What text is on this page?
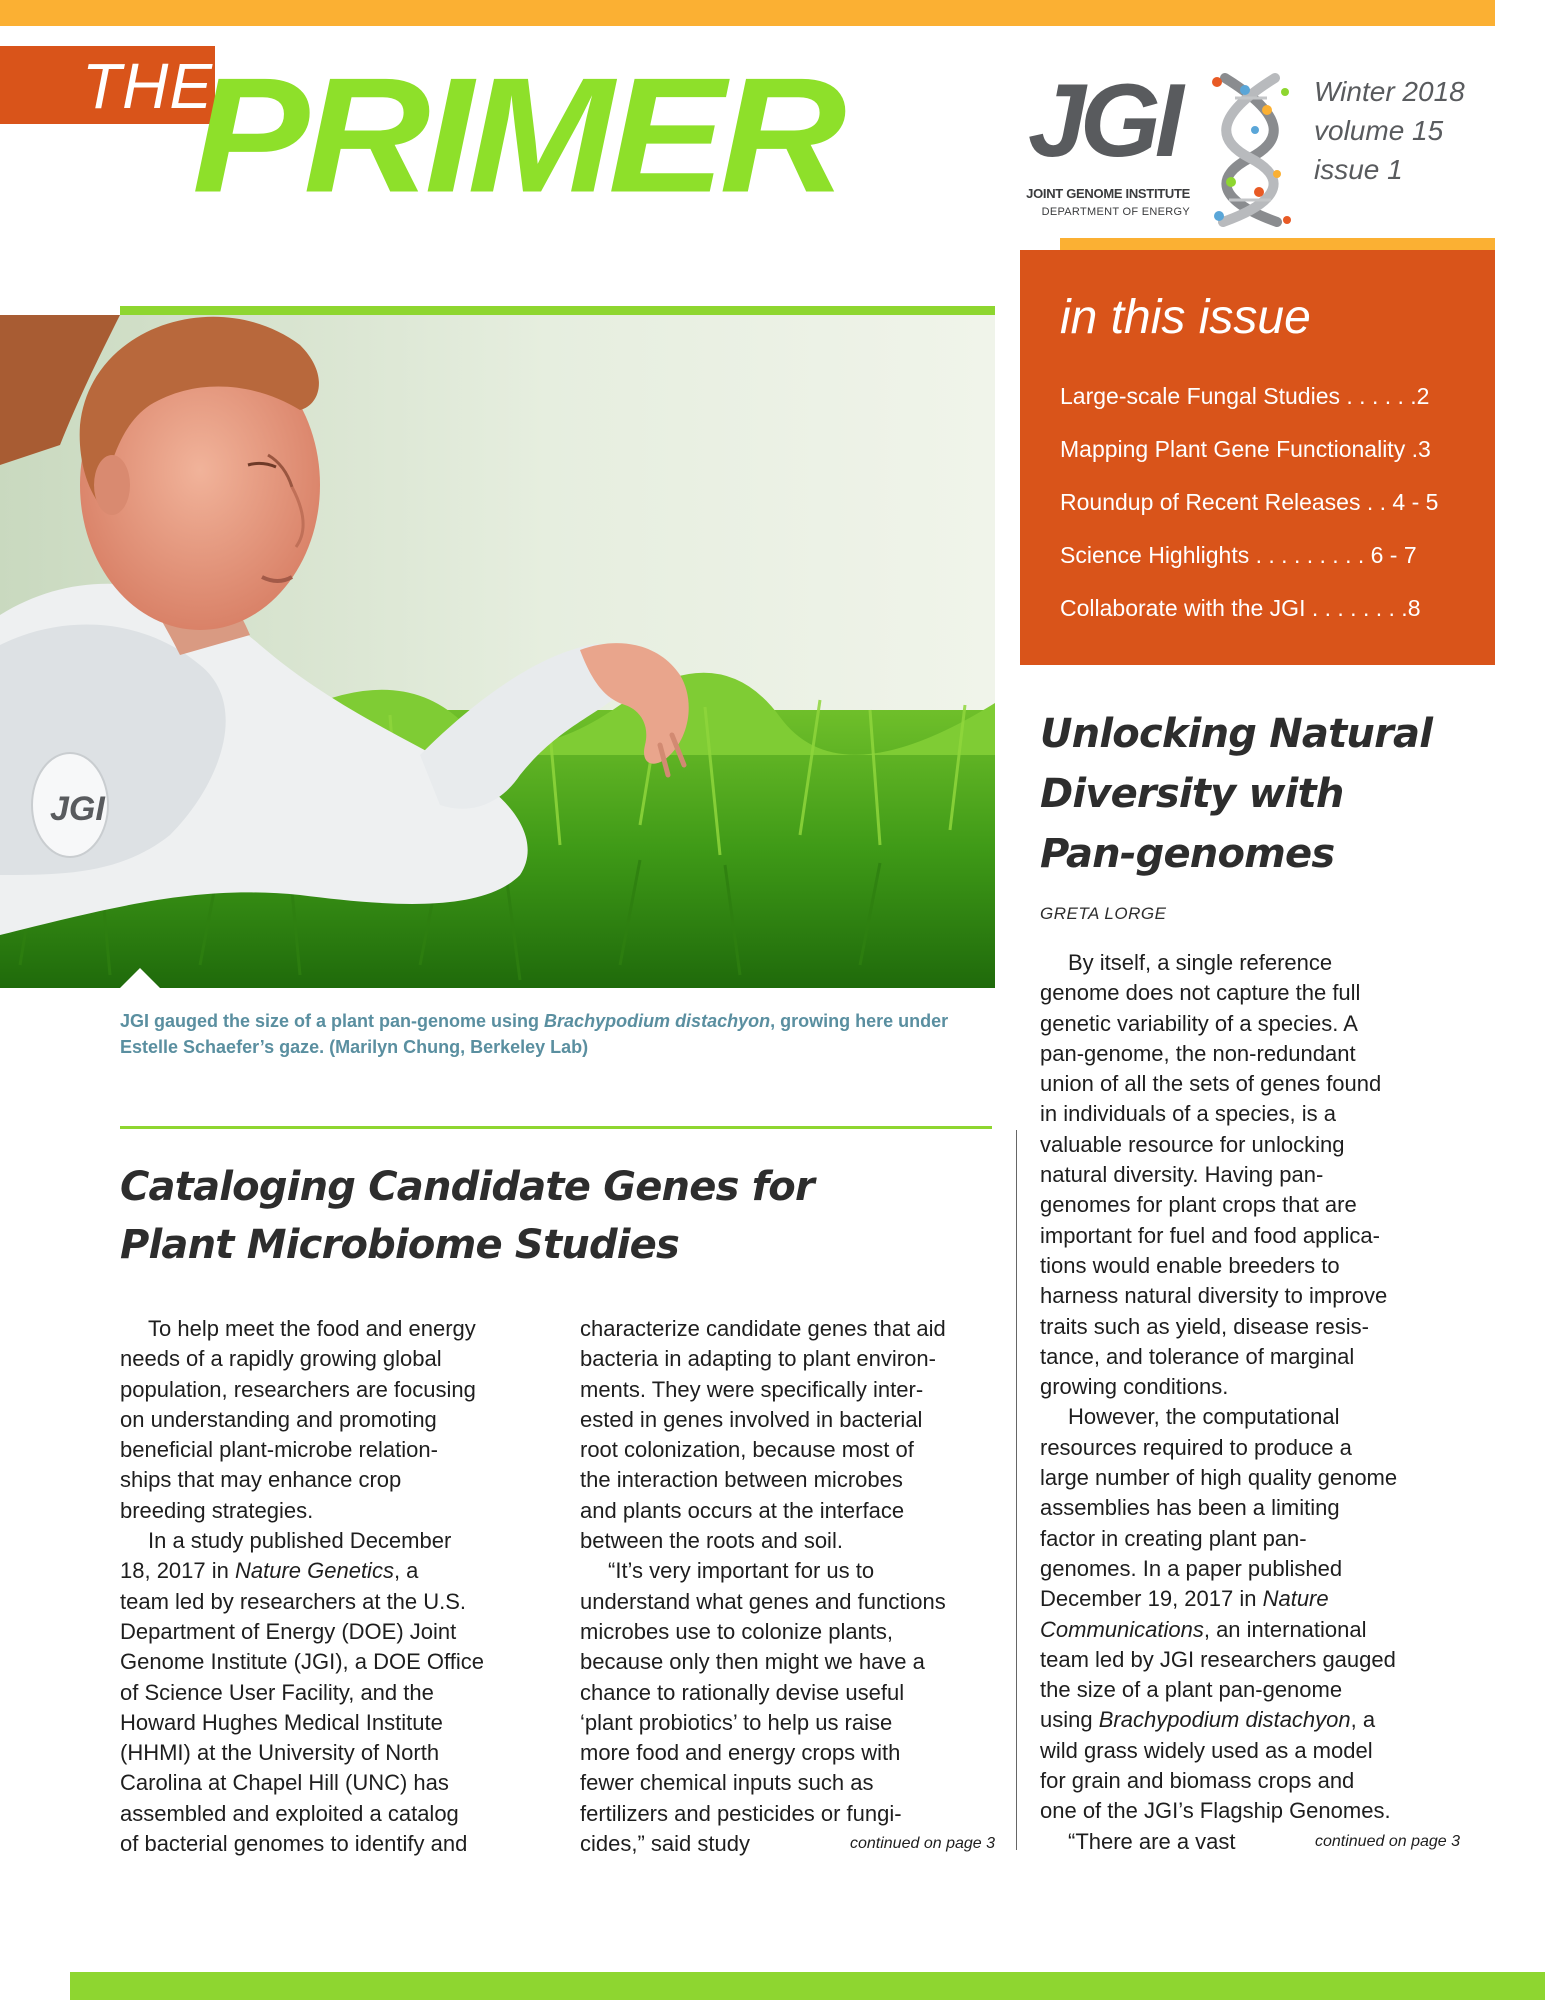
THE
PRIMER JGI
JOINT GENOME INSTITUTE
DEPARTMENT OF ENERGY
Winter 2018
volume 15
issue 1
in this issue
Large-scale Fungal Studies . . . . . .2
Mapping Plant Gene Functionality .3
Roundup of Recent Releases . . 4 - 5
Science Highlights . . . . . . . . . 6 - 7
Collaborate with the JGI . . . . . . . .8
JGI
JGI gauged the size of a plant pan-genome using Brachypodium distachyon, growing here under Estelle Schaefer’s gaze. (Marilyn Chung, Berkeley Lab)
Unlocking Natural
Diversity with
Pan-genomes
GRETA LORGE
By itself, a single reference
genome does not capture the full
genetic variability of a species. A
pan-genome, the non-redundant
union of all the sets of genes found
in individuals of a species, is a
valuable resource for unlocking
natural diversity. Having pan-
genomes for plant crops that are
important for fuel and food applica-
tions would enable breeders to
harness natural diversity to improve
traits such as yield, disease resis-
tance, and tolerance of marginal
growing conditions.
However, the computational
resources required to produce a
large number of high quality genome
assemblies has been a limiting
factor in creating plant pan-
genomes. In a paper published
December 19, 2017 in Nature
Communications, an international
team led by JGI researchers gauged
the size of a plant pan-genome
using Brachypodium distachyon, a
wild grass widely used as a model
for grain and biomass crops and
one of the JGI’s Flagship Genomes.
“There are a vast	continued on page 3
Cataloging Candidate Genes for
Plant Microbiome Studies
To help meet the food and energy
needs of a rapidly growing global
population, researchers are focusing
on understanding and promoting
beneficial plant-microbe relation-
ships that may enhance crop
breeding strategies.
In a study published December
18, 2017 in Nature Genetics, a
team led by researchers at the U.S.
Department of Energy (DOE) Joint
Genome Institute (JGI), a DOE Office
of Science User Facility, and the
Howard Hughes Medical Institute
(HHMI) at the University of North
Carolina at Chapel Hill (UNC) has
assembled and exploited a catalog
of bacterial genomes to identify and
characterize candidate genes that aid
bacteria in adapting to plant environ-
ments. They were specifically inter-
ested in genes involved in bacterial
root colonization, because most of
the interaction between microbes
and plants occurs at the interface
between the roots and soil.
“It’s very important for us to
understand what genes and functions
microbes use to colonize plants,
because only then might we have a
chance to rationally devise useful
‘plant probiotics’ to help us raise
more food and energy crops with
fewer chemical inputs such as
fertilizers and pesticides or fungi-
cides,” said study	continued on page 3
